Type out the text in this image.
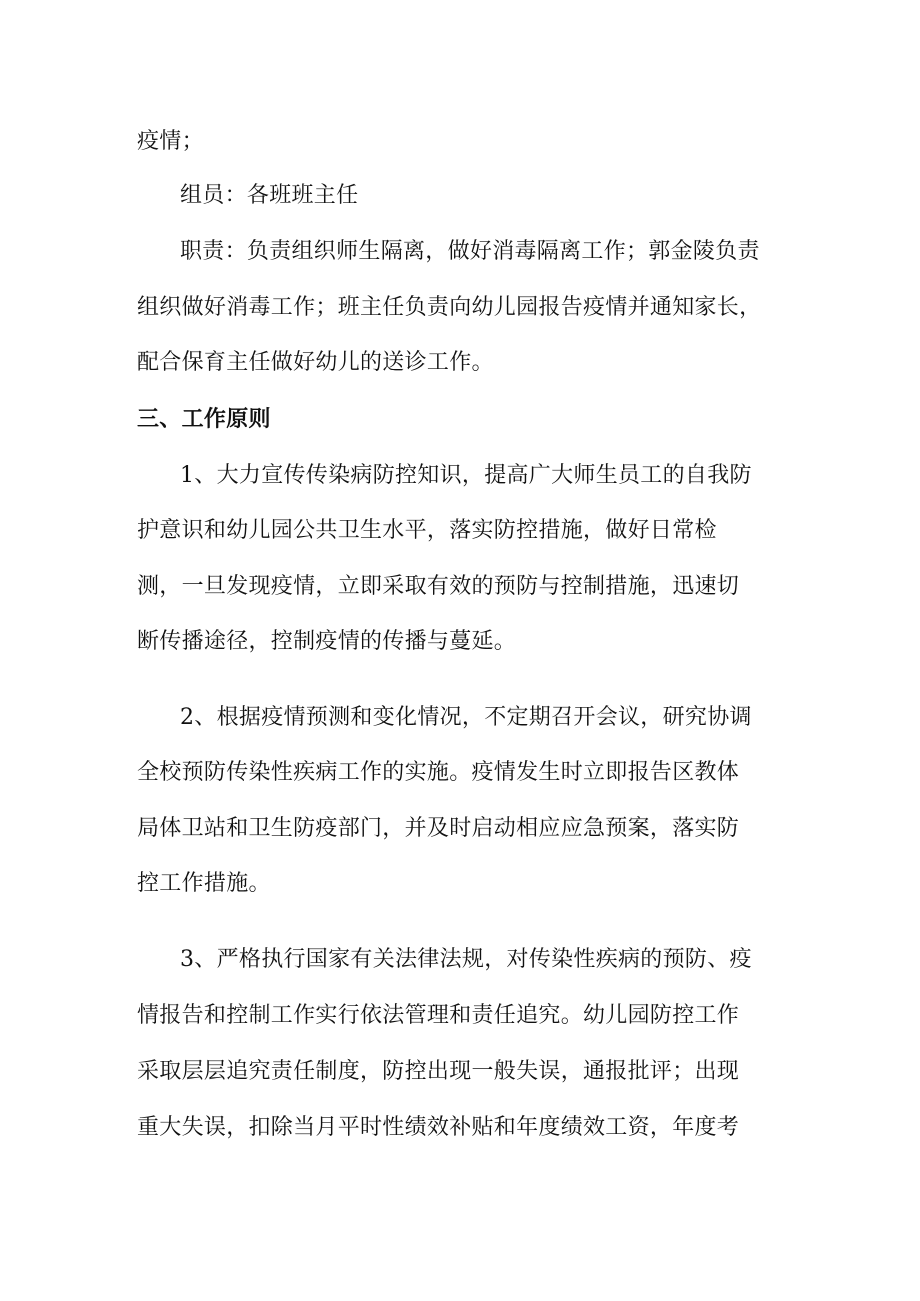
疫情；

组员：各班班主任

职责：负责组织师生隔离，做好消毒隔离工作；郭金陵负责

组织做好消毒工作；班主任负责向幼儿园报告疫情并通知家长，

配合保育主任做好幼儿的送诊工作。

三、工作原则

1、大力宣传传染病防控知识，提高广大师生员工的自我防

护意识和幼儿园公共卫生水平，落实防控措施，做好日常检

测，一旦发现疫情，立即采取有效的预防与控制措施，迅速切

断传播途径，控制疫情的传播与蔓延。

2、根据疫情预测和变化情况，不定期召开会议，研究协调

全校预防传染性疾病工作的实施。疫情发生时立即报告区教体

局体卫站和卫生防疫部门，并及时启动相应应急预案，落实防

控工作措施。

3、严格执行国家有关法律法规，对传染性疾病的预防、疫

情报告和控制工作实行依法管理和责任追究。幼儿园防控工作

采取层层追究责任制度，防控出现一般失误，通报批评；出现

重大失误，扣除当月平时性绩效补贴和年度绩效工资，年度考
